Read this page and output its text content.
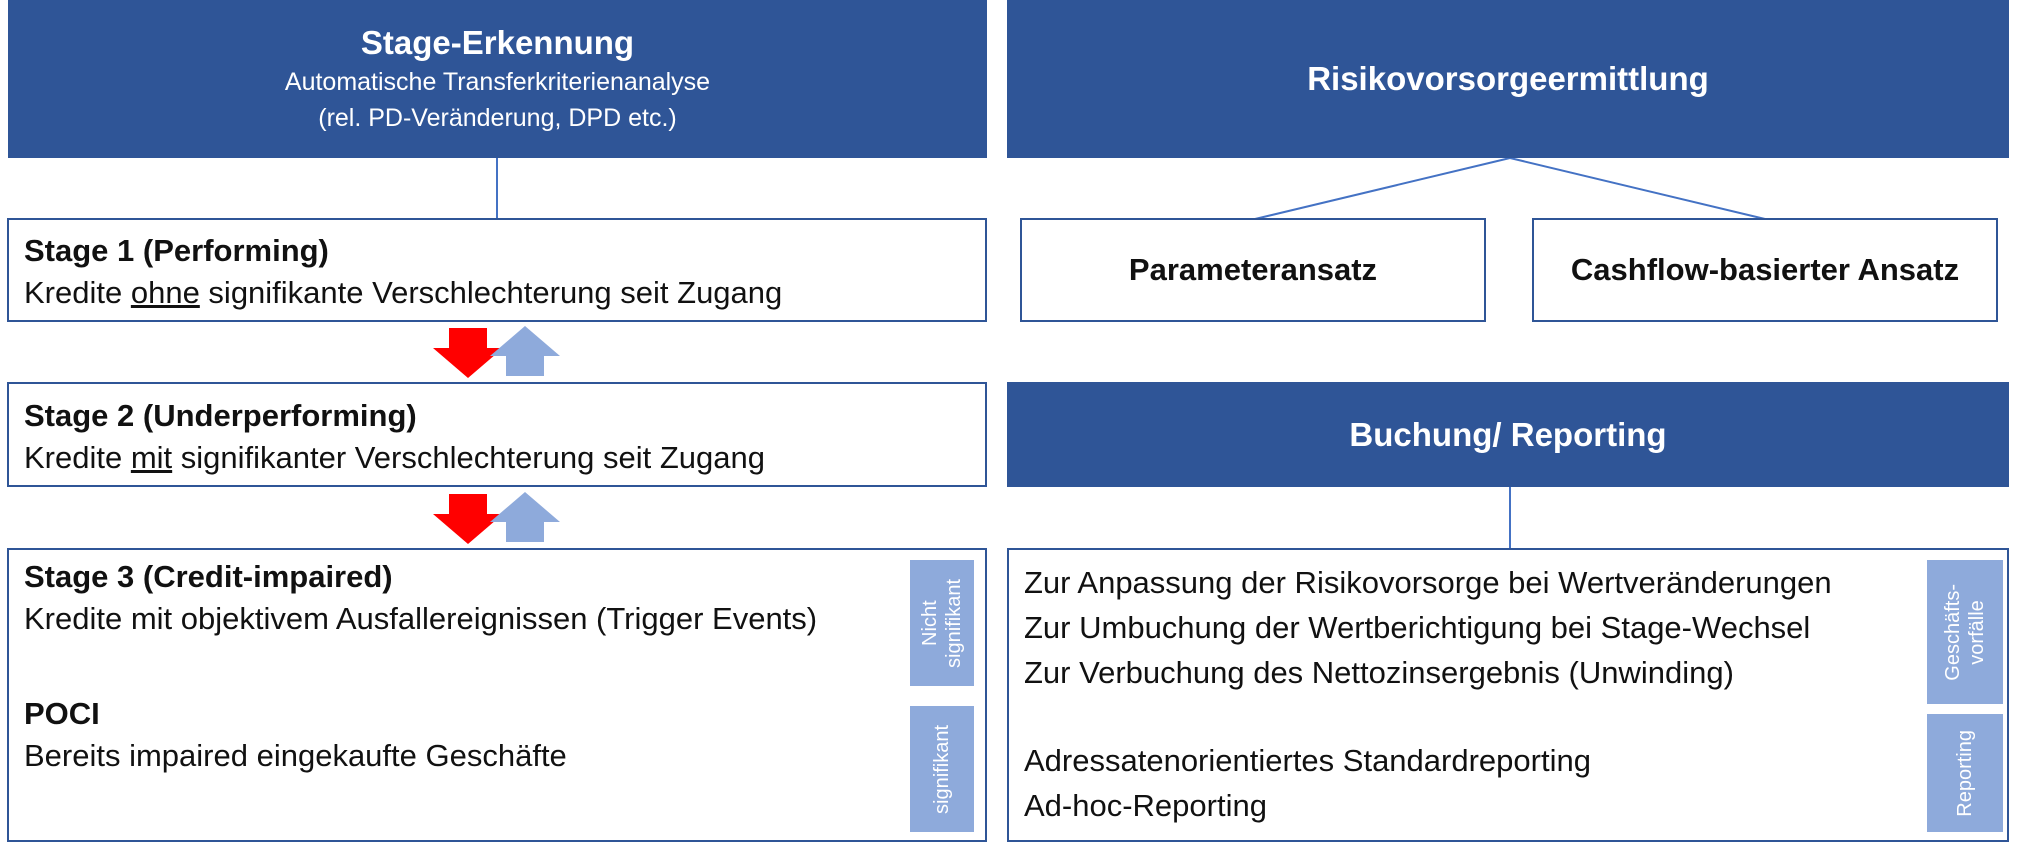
Stage-Erkennung
Automatische Transferkriterienanalyse
(rel. PD-Veränderung, DPD etc.)
Risikovorsorgeermittlung
Stage 1 (Performing)
Kredite ohne signifikante Verschlechterung seit Zugang
Parameteransatz	Cashflow-basierter Ansatz
Stage 2 (Underperforming)
Kredite mit signifikanter Verschlechterung seit Zugang
Buchung/ Reporting
Stage 3 (Credit-impaired)
Kredite mit objektivem Ausfallereignissen (Trigger Events)
POCI
Bereits impaired eingekaufte Geschäfte
Nicht
signifikant
signifikant
Zur Anpassung der Risikovorsorge bei Wertveränderungen
Zur Umbuchung der Wertberichtigung bei Stage-Wechsel
Zur Verbuchung des Nettozinsergebnis (Unwinding)
Adressatenorientiertes Standardreporting
Ad-hoc-Reporting
Geschäfts-
vorfälle
Reporting
